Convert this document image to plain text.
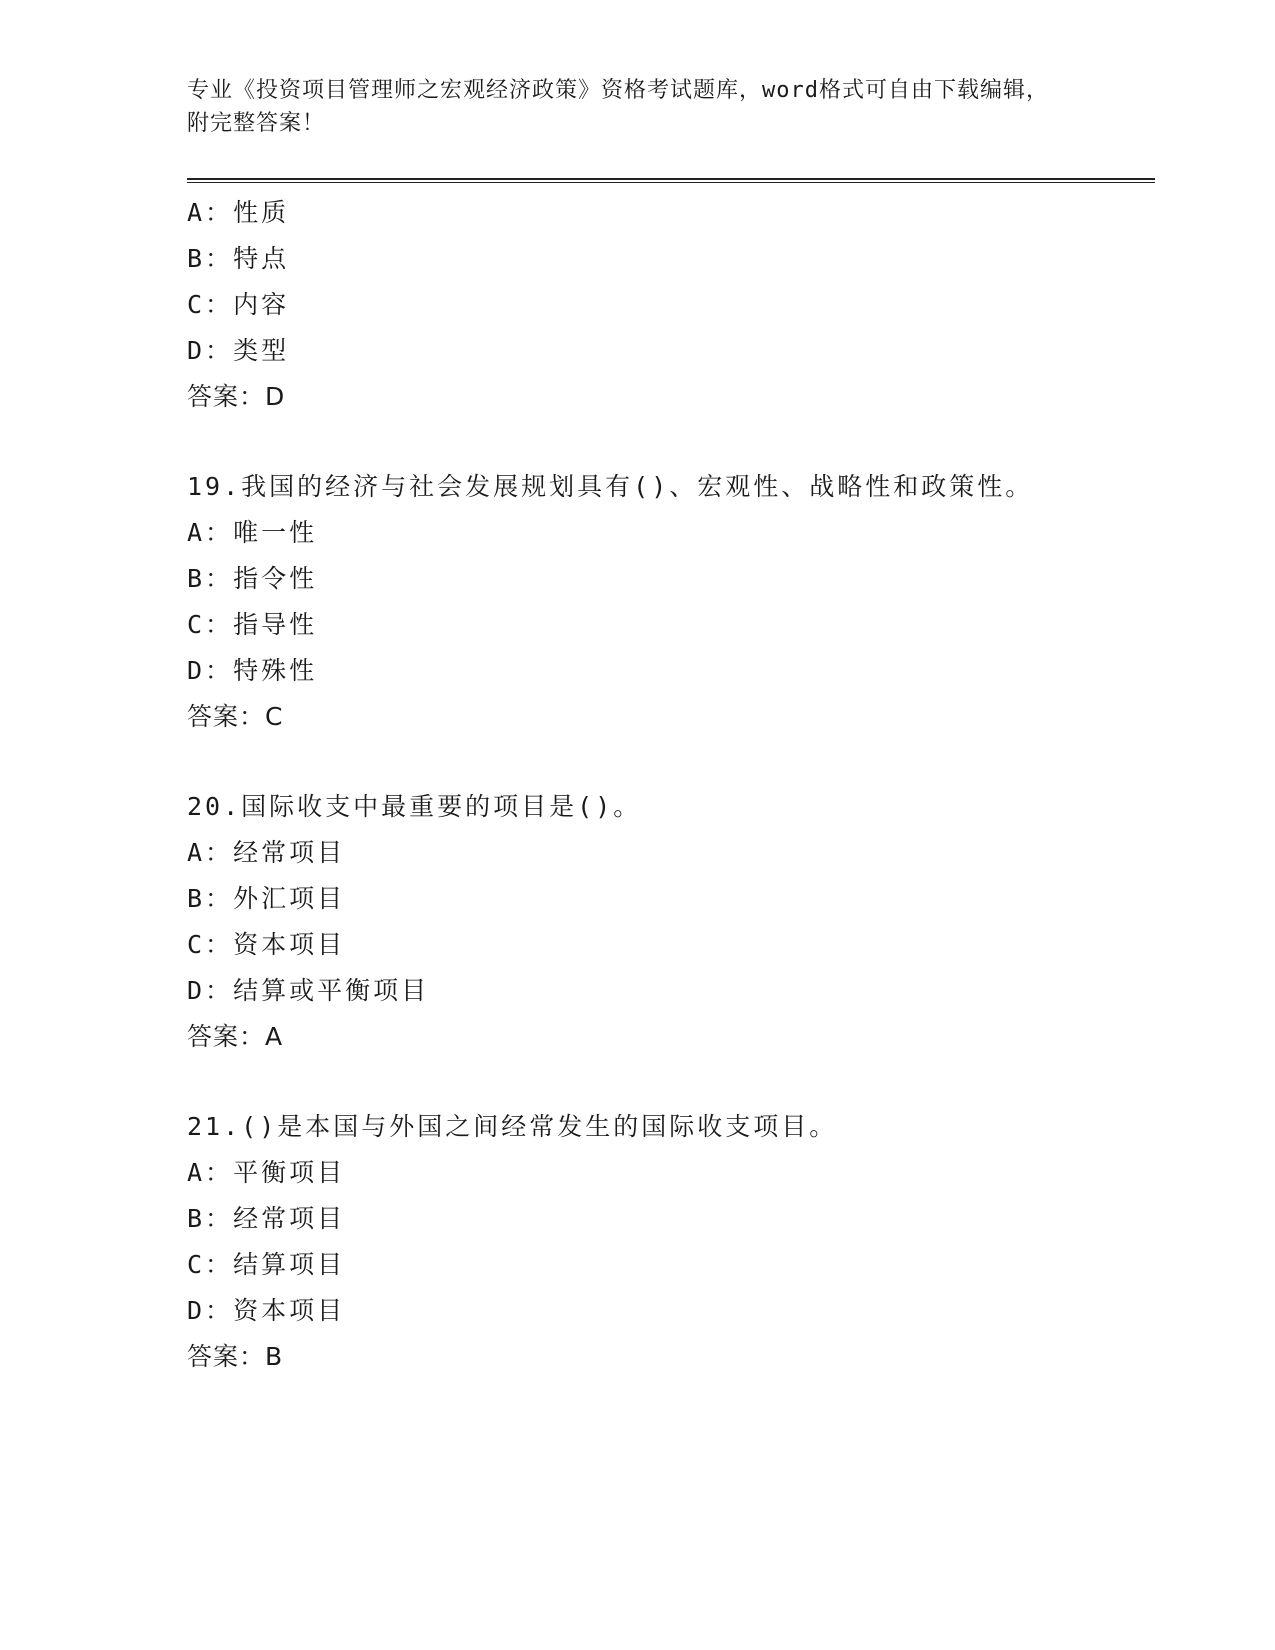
专业《投资项目管理师之宏观经济政策》资格考试题库，word格式可自由下载编辑，附完整答案！
A：性质
B：特点
C：内容
D：类型
答案：D
19.我国的经济与社会发展规划具有()、宏观性、战略性和政策性。
A：唯一性
B：指令性
C：指导性
D：特殊性
答案：C
20.国际收支中最重要的项目是()。
A：经常项目
B：外汇项目
C：资本项目
D：结算或平衡项目
答案：A
21.()是本国与外国之间经常发生的国际收支项目。
A：平衡项目
B：经常项目
C：结算项目
D：资本项目
答案：B
